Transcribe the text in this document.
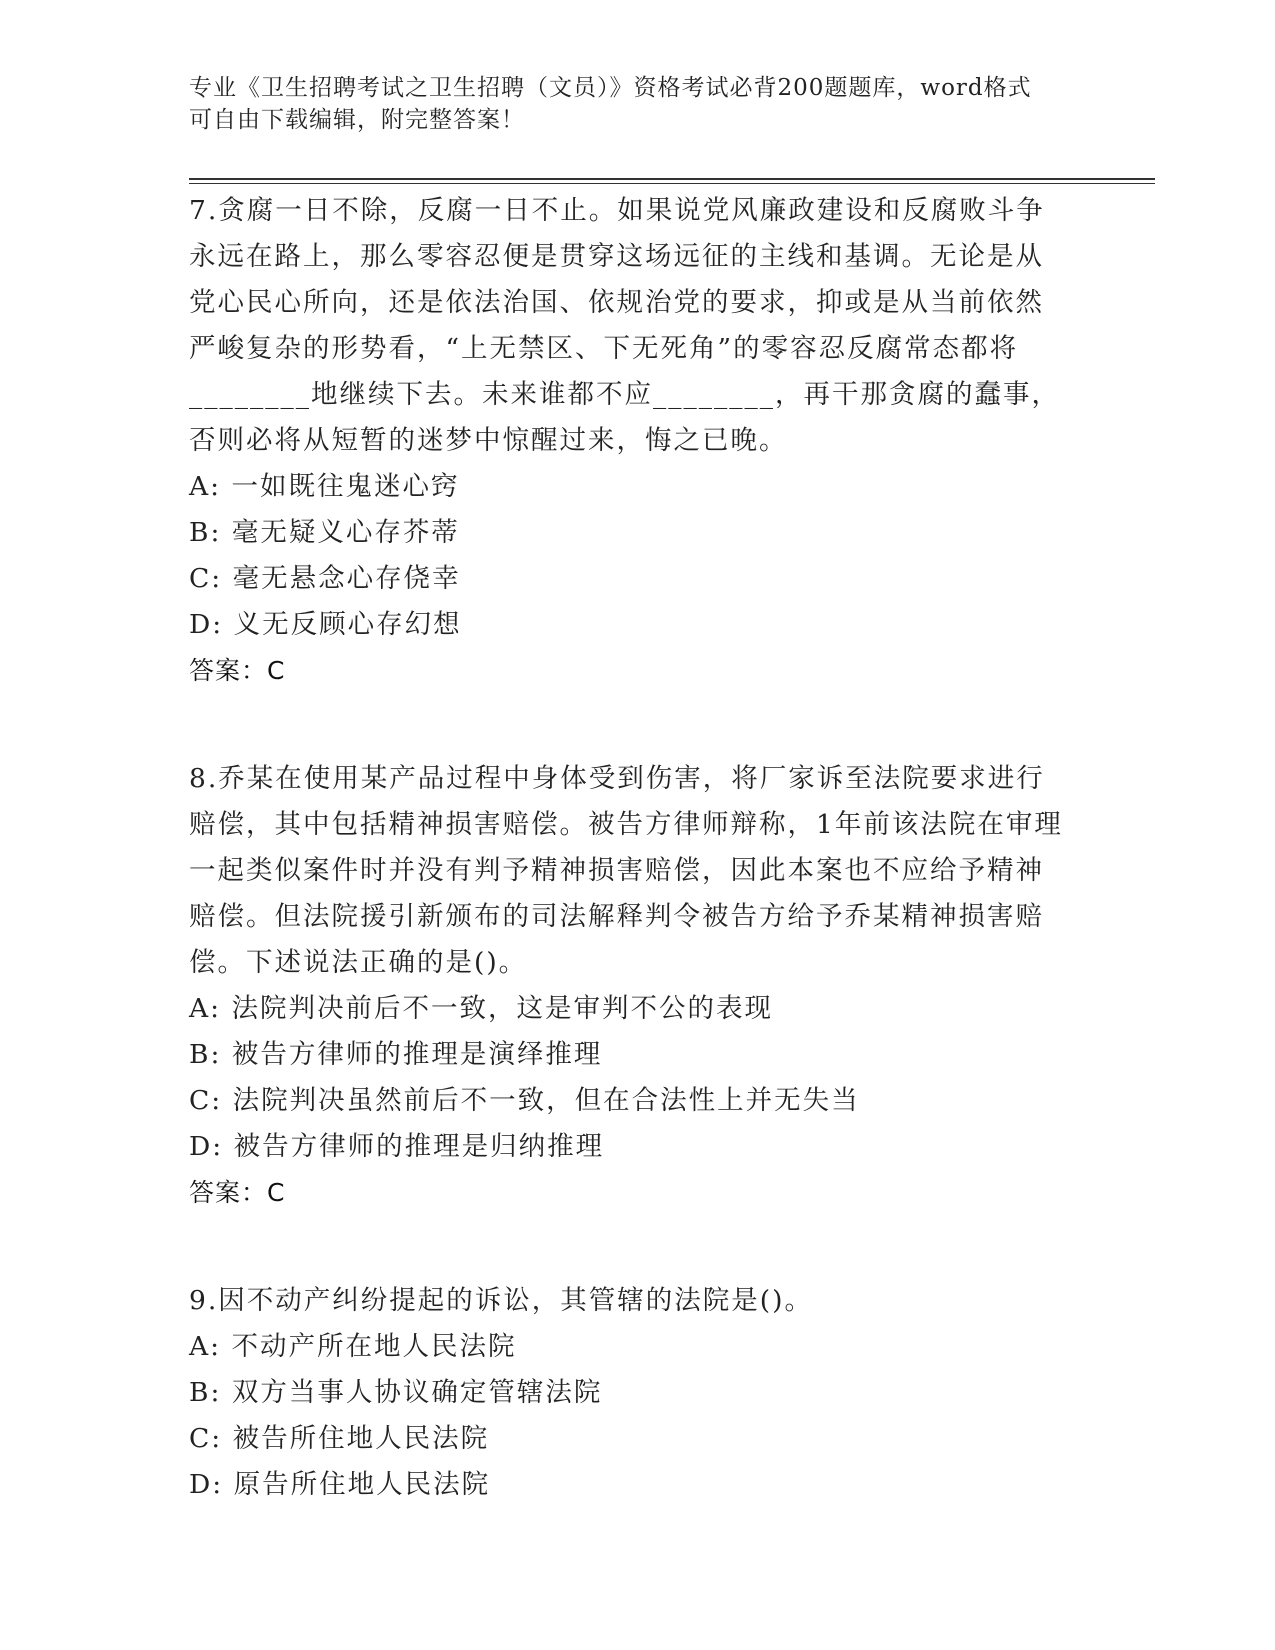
专业《卫生招聘考试之卫生招聘（文员）》资格考试必背200题题库，word格式
可自由下载编辑，附完整答案！
7.贪腐一日不除，反腐一日不止。如果说党风廉政建设和反腐败斗争
永远在路上，那么零容忍便是贯穿这场远征的主线和基调。无论是从
党心民心所向，还是依法治国、依规治党的要求，抑或是从当前依然
严峻复杂的形势看，“上无禁区、下无死角”的零容忍反腐常态都将
________地继续下去。未来谁都不应________，再干那贪腐的蠢事，
否则必将从短暂的迷梦中惊醒过来，悔之已晚。
A: 一如既往鬼迷心窍
B: 毫无疑义心存芥蒂
C: 毫无悬念心存侥幸
D: 义无反顾心存幻想
答案：C
8.乔某在使用某产品过程中身体受到伤害，将厂家诉至法院要求进行
赔偿，其中包括精神损害赔偿。被告方律师辩称，1年前该法院在审理
一起类似案件时并没有判予精神损害赔偿，因此本案也不应给予精神
赔偿。但法院援引新颁布的司法解释判令被告方给予乔某精神损害赔
偿。下述说法正确的是()。
A: 法院判决前后不一致，这是审判不公的表现
B: 被告方律师的推理是演绎推理
C: 法院判决虽然前后不一致，但在合法性上并无失当
D: 被告方律师的推理是归纳推理
答案：C
9.因不动产纠纷提起的诉讼，其管辖的法院是()。
A: 不动产所在地人民法院
B: 双方当事人协议确定管辖法院
C: 被告所住地人民法院
D: 原告所住地人民法院
